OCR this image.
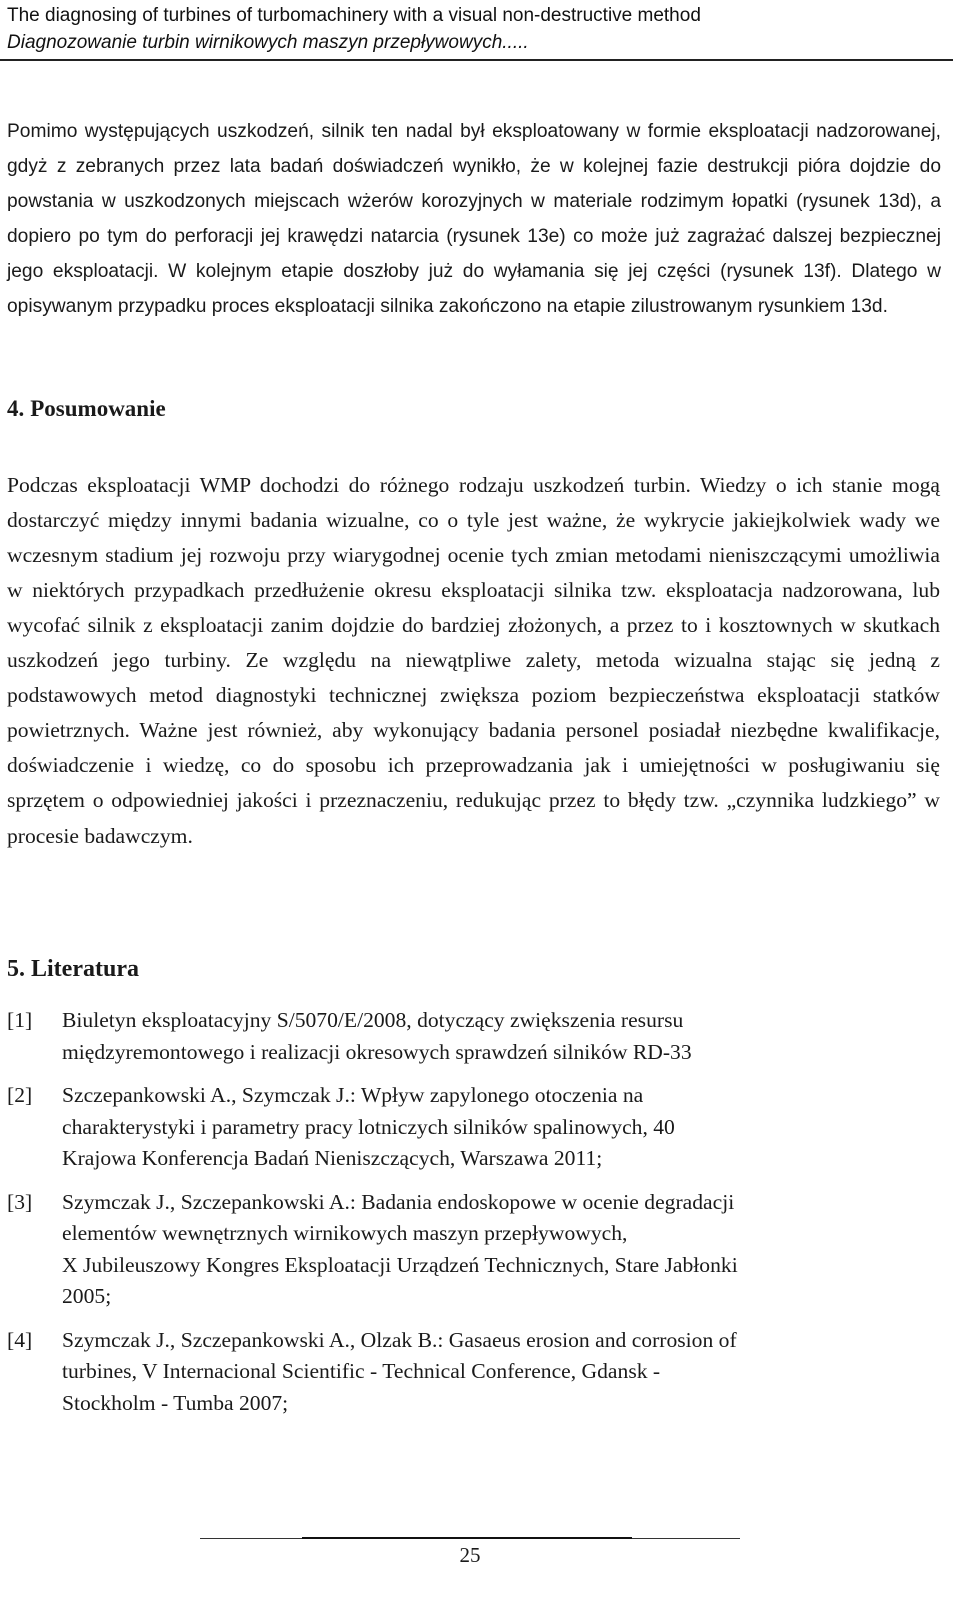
The diagnosing of turbines of turbomachinery with a visual non-destructive method
Diagnozowanie turbin wirnikowych maszyn przepływowych.....

Pomimo występujących uszkodzeń, silnik ten nadal był eksploatowany w formie eksploatacji nadzorowanej, gdyż z zebranych przez lata badań doświadczeń wynikło, że w kolejnej fazie destrukcji pióra dojdzie do powstania w uszkodzonych miejscach wżerów korozyjnych w materiale rodzimym łopatki (rysunek 13d), a dopiero po tym do perforacji jej krawędzi natarcia (rysunek 13e) co może już zagrażać dalszej bezpiecznej jego eksploatacji. W kolejnym etapie doszłoby już do wyłamania się jej części (rysunek 13f). Dlatego w opisywanym przypadku proces eksploatacji silnika zakończono na etapie zilustrowanym rysunkiem 13d.

4. Posumowanie

Podczas eksploatacji WMP dochodzi do różnego rodzaju uszkodzeń turbin. Wiedzy o ich stanie mogą dostarczyć między innymi badania wizualne, co o tyle jest ważne, że wykrycie jakiejkolwiek wady we wczesnym stadium jej rozwoju przy wiarygodnej ocenie tych zmian metodami nieniszczącymi umożliwia w niektórych przypadkach przedłużenie okresu eksploatacji silnika tzw. eksploatacja nadzorowana, lub wycofać silnik z eksploatacji zanim dojdzie do bardziej złożonych, a przez to i kosztownych w skutkach uszkodzeń jego turbiny. Ze względu na niewątpliwe zalety, metoda wizualna stając się jedną z podstawowych metod diagnostyki technicznej zwiększa poziom bezpieczeństwa eksploatacji statków powietrznych. Ważne jest również, aby wykonujący badania personel posiadał niezbędne kwalifikacje, doświadczenie i wiedzę, co do sposobu ich przeprowadzania jak i umiejętności w posługiwaniu się sprzętem o odpowiedniej jakości i przeznaczeniu, redukując przez to błędy tzw. „czynnika ludzkiego” w procesie badawczym.

5. Literatura
[1]	Biuletyn eksploatacyjny S/5070/E/2008, dotyczący zwiększenia resursu
międzyremontowego i realizacji okresowych sprawdzeń silników RD-33
[2]	Szczepankowski A., Szymczak J.: Wpływ zapylonego otoczenia na
charakterystyki i parametry pracy lotniczych silników spalinowych, 40
Krajowa Konferencja Badań Nieniszczących, Warszawa 2011;
[3]	Szymczak J., Szczepankowski A.: Badania endoskopowe w ocenie degradacji
elementów wewnętrznych wirnikowych maszyn przepływowych,
X Jubileuszowy Kongres Eksploatacji Urządzeń Technicznych, Stare Jabłonki
2005;
[4]	Szymczak J., Szczepankowski A., Olzak B.: Gasaeus erosion and corrosion of
turbines, V Internacional Scientific - Technical Conference, Gdansk -
Stockholm - Tumba 2007;
25
